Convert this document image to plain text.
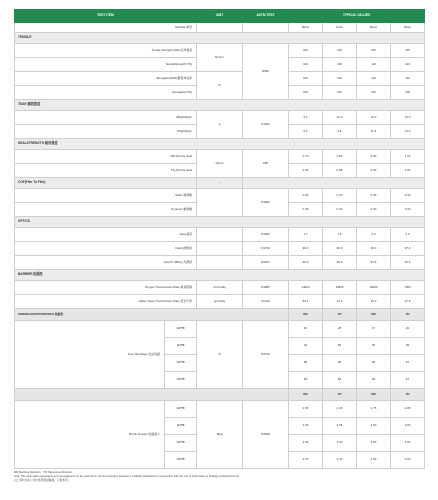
TEST ITEM		UNIT	ASTM TEST	TYPICAL VALUES			
GAUGE 厚度				60um	11um	90um	18um
TENSILE							
Tensile Strength (MD) 拉伸強度		N/mm²	D882	100	120	100	115
TensileStrength (TD)				100	130	110	110
Elongation(MD) 斷裂伸長率		%		100	100	110	110
Elongation(TD)				100	100	100	106
TEAR 撕裂強度							
MDgf/40tgm		g	D1922	9.0	10.0	10.0	10.0
TDgf/40tgm				8.0	9.5	11.5	14.0
SEALSTRENGTH 熱封強度							
MD Anti-fire Seal		N/mm	F88	0.75	0.80	0.90	1.10
TD Anti-fire Seal				0.80	0.85	0.90	1.00
COF(Film To Film)		-					
Static 靜摩擦			D1894	0.26	0.30	0.30	0.30
Dynamic 動摩擦				0.36	0.30	0.30	0.30
OPTICS							
Haze霧度			D1003	1.7	1.9	2.0	2.0
Clarity清晰度			D1746	99.0	99.0	99.0	97.0
Gloss® 45Deg 光澤度			D2457	99.5	99.0	97.5	97.5
BARRIER 阻隔性							
Oxygen Transmission Rate 氧氣阻隔		cc/m²/day	D3985	14600	10800	10000	7000
Water Vapor Transmission Rate 透水汽率		g/m²/day	F1249	50.4	41.0	35.0	27.9
SHRINKAGEPROPERTIES 收縮性				MD	TD	MD	TD
Free Shrinkage 自由收縮	100℃	%	D2732	15	28	17	20
	110℃			32	50	30	39
	120℃			56	66	59	67
	130℃			84	66	69	67
				MD	TD	MD	TD
Shrink Tension 收縮張力	100℃	Mpa	D2838	1.95	2.45	1.75	2.05
	110℃			2.90	3.05	2.60	3.05
	120℃			2.90	3.90	3.00	4.00
	130℃			2.75	3.40	2.60	3.00
MD:Machine Direction　TD:Transverse Direction
Note:This information represents our best judgment on the work done, but the company assumes no liability whatsoever in connection with the use of information or findings contained herein.
以上資料為本公司內部研發試驗值，只供參考。
